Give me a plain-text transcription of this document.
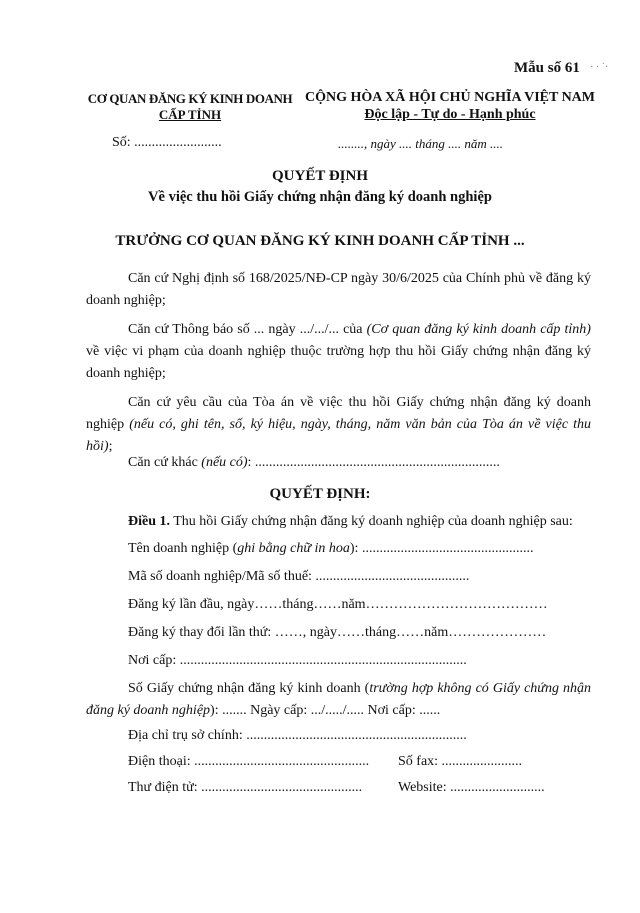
Mẫu số 61 · · ˙·
CƠ QUAN ĐĂNG KÝ KINH DOANH
CẤP TỈNH
CỘNG HÒA XÃ HỘI CHỦ NGHĨA VIỆT NAM
Độc lập - Tự do - Hạnh phúc
Số: .........................	........, ngày .... tháng .... năm ....
QUYẾT ĐỊNH
Về việc thu hồi Giấy chứng nhận đăng ký doanh nghiệp
TRƯỞNG CƠ QUAN ĐĂNG KÝ KINH DOANH CẤP TỈNH ...
Căn cứ Nghị định số 168/2025/NĐ-CP ngày 30/6/2025 của Chính phủ về đăng ký doanh nghiệp;
Căn cứ Thông báo số ... ngày .../.../... của (Cơ quan đăng ký kinh doanh cấp tỉnh) về việc vi phạm của doanh nghiệp thuộc trường hợp thu hồi Giấy chứng nhận đăng ký doanh nghiệp;
Căn cứ yêu cầu của Tòa án về việc thu hồi Giấy chứng nhận đăng ký doanh nghiệp (nếu có, ghi tên, số, ký hiệu, ngày, tháng, năm văn bản của Tòa án về việc thu hồi);
Căn cứ khác (nếu có): ......................................................................
QUYẾT ĐỊNH:
Điều 1. Thu hồi Giấy chứng nhận đăng ký doanh nghiệp của doanh nghiệp sau:
Tên doanh nghiệp (ghi bằng chữ in hoa): .................................................
Mã số doanh nghiệp/Mã số thuế: ............................................
Đăng ký lần đầu, ngày……tháng……năm…………………………………
Đăng ký thay đổi lần thứ: ……, ngày……tháng……năm…………………
Nơi cấp: ..................................................................................
Số Giấy chứng nhận đăng ký kinh doanh (trường hợp không có Giấy chứng nhận đăng ký doanh nghiệp): ....... Ngày cấp: .../...../..... Nơi cấp: ......
Địa chỉ trụ sở chính: ...............................................................
Điện thoại: .................................................. Số fax: .......................
Thư điện tử: ..............................................	Website: ...........................
